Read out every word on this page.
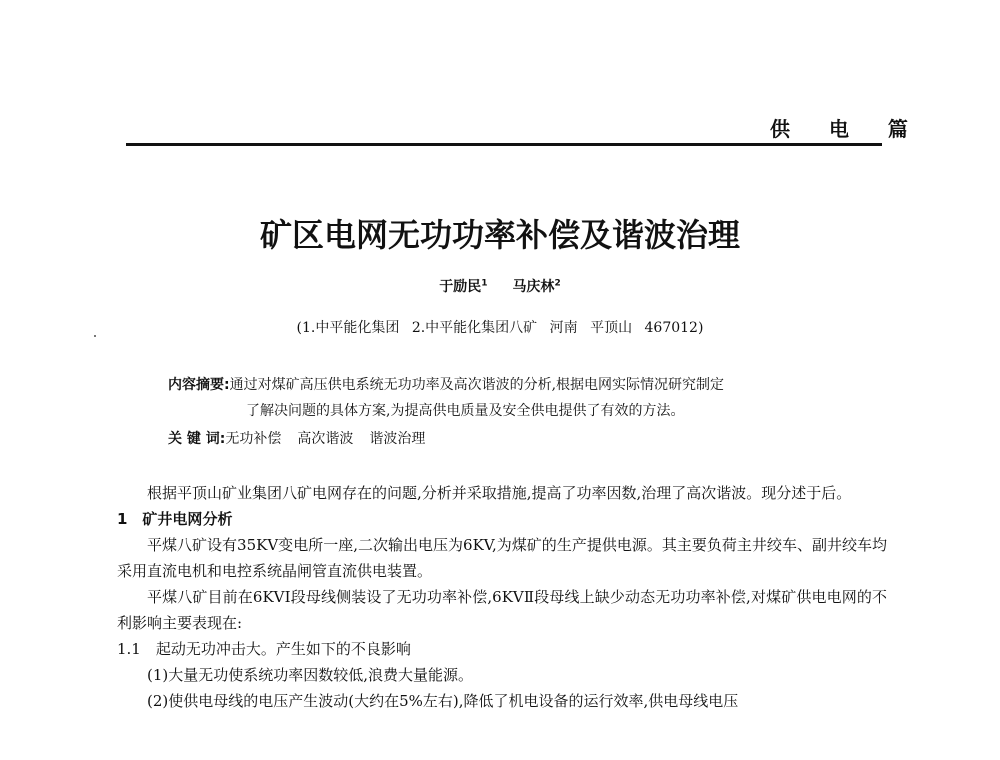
供 电 篇
矿区电网无功功率补偿及谐波治理
于励民$^1$ 马庆林$^2$
(1.中平能化集团 2.中平能化集团八矿 河南 平顶山 467012)
内容摘要:通过对煤矿高压供电系统无功功率及高次谐波的分析,根据电网实际情况研究制定
了解决问题的具体方案,为提高供电质量及安全供电提供了有效的方法。
关 键 词:无功补偿 高次谐波 谐波治理

根据平顶山矿业集团八矿电网存在的问题,分析并采取措施,提高了功率因数,治理了高次谐波。现分述于后。

1　矿井电网分析

平煤八矿设有35KV变电所一座,二次输出电压为6KV,为煤矿的生产提供电源。其主要负荷主井绞车、副井绞车均采用直流电机和电控系统晶闸管直流供电装置。

平煤八矿目前在6KVⅠ段母线侧装设了无功功率补偿,6KVⅡ段母线上缺少动态无功功率补偿,对煤矿供电电网的不利影响主要表现在:

1.1　起动无功冲击大。产生如下的不良影响

(1)大量无功使系统功率因数较低,浪费大量能源。

(2)使供电母线的电压产生波动(大约在5%左右),降低了机电设备的运行效率,供电母线电压
